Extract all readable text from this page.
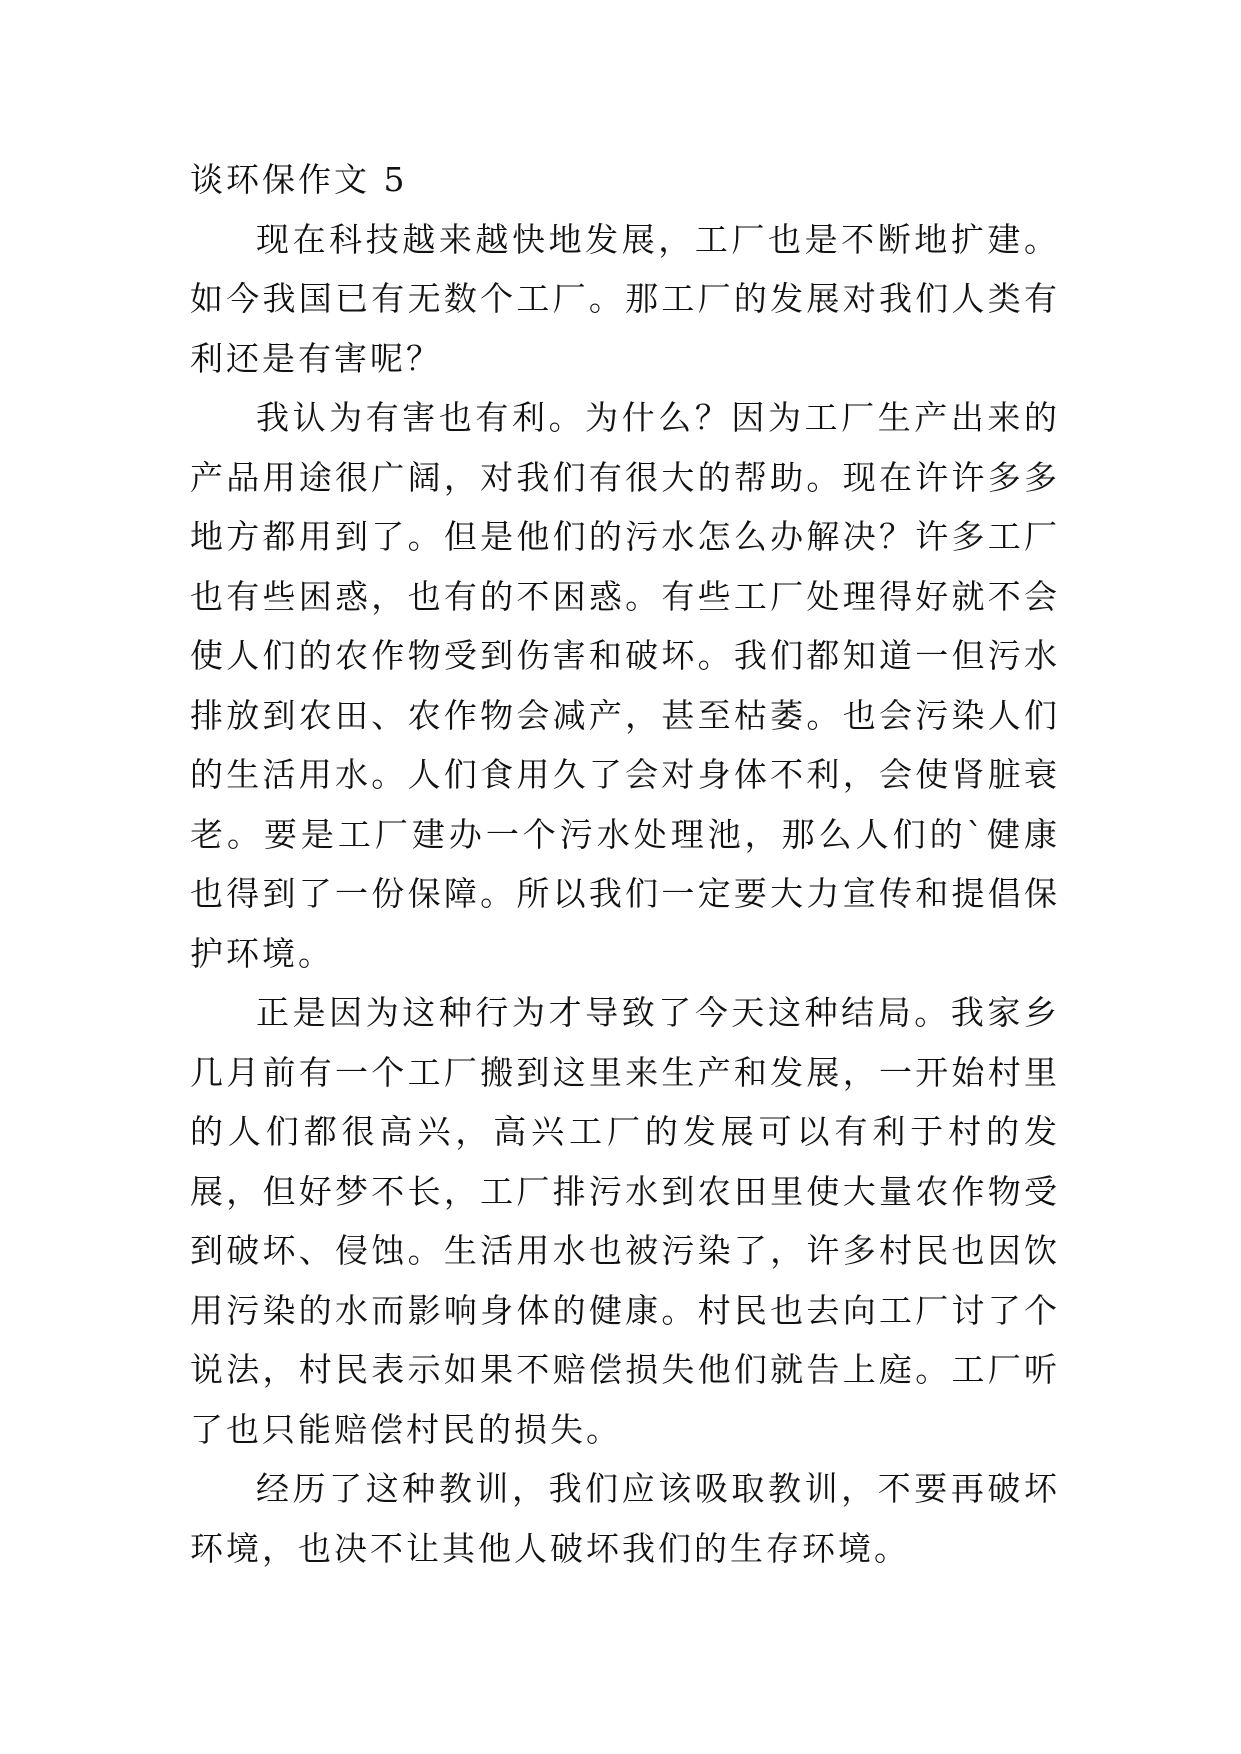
谈环保作文 5

现在科技越来越快地发展，工厂也是不断地扩建。如今我国已有无数个工厂。那工厂的发展对我们人类有利还是有害呢？

我认为有害也有利。为什么？因为工厂生产出来的产品用途很广阔，对我们有很大的帮助。现在许许多多地方都用到了。但是他们的污水怎么办解决？许多工厂也有些困惑，也有的不困惑。有些工厂处理得好就不会使人们的农作物受到伤害和破坏。我们都知道一但污水排放到农田、农作物会减产，甚至枯萎。也会污染人们的生活用水。人们食用久了会对身体不利，会使肾脏衰老。要是工厂建办一个污水处理池，那么人们的`健康也得到了一份保障。所以我们一定要大力宣传和提倡保护环境。

正是因为这种行为才导致了今天这种结局。我家乡几月前有一个工厂搬到这里来生产和发展，一开始村里的人们都很高兴，高兴工厂的发展可以有利于村的发展，但好梦不长，工厂排污水到农田里使大量农作物受到破坏、侵蚀。生活用水也被污染了，许多村民也因饮用污染的水而影响身体的健康。村民也去向工厂讨了个说法，村民表示如果不赔偿损失他们就告上庭。工厂听了也只能赔偿村民的损失。

经历了这种教训，我们应该吸取教训，不要再破坏环境，也决不让其他人破坏我们的生存环境。
